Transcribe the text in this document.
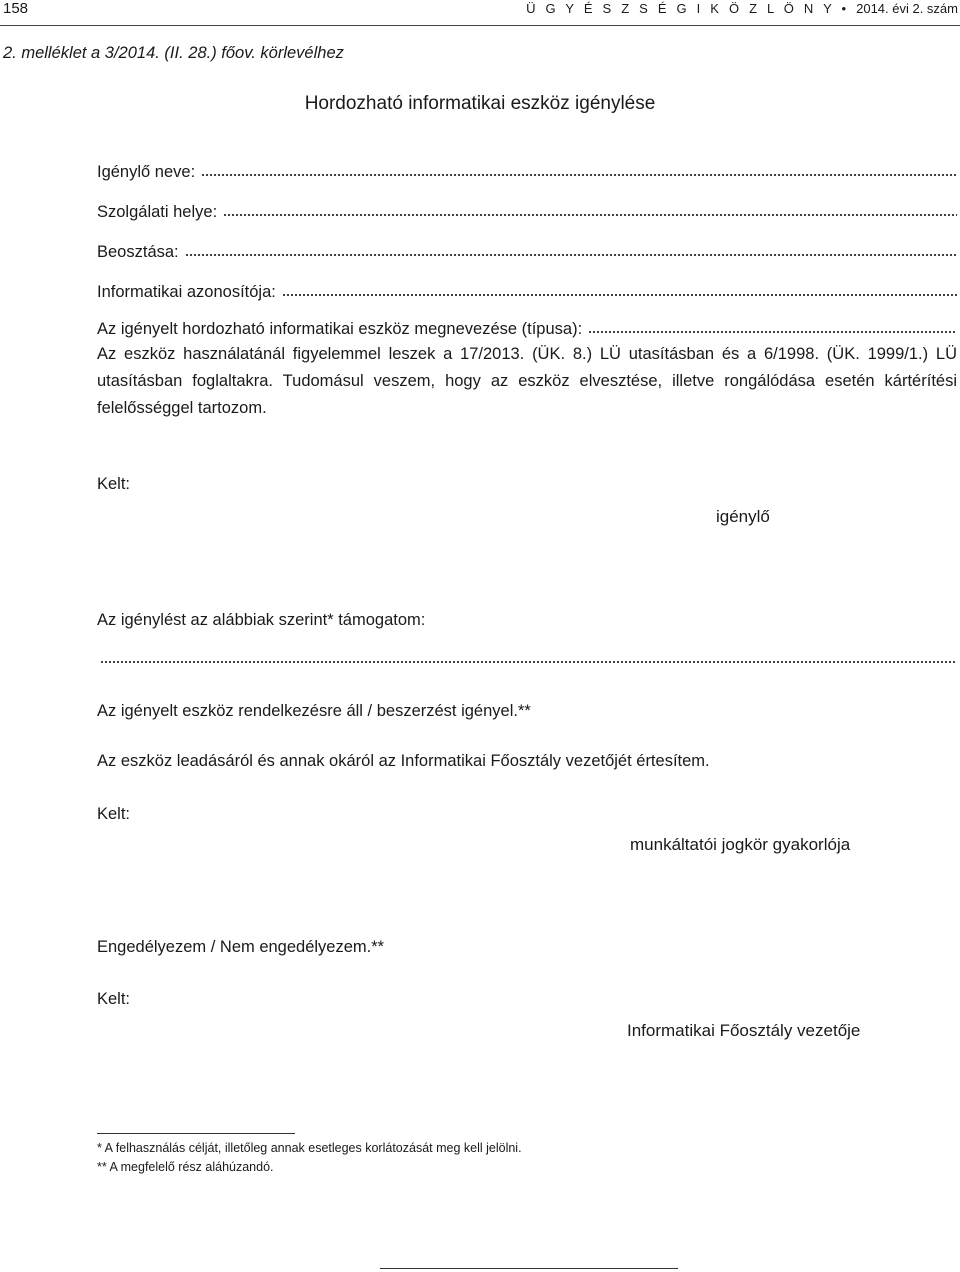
158	Ü G Y É S Z S É G I K Ö Z L Ö N Y • 2014. évi 2. szám
2. melléklet a 3/2014. (II. 28.) főov. körlevélhez
Hordozható informatikai eszköz igénylése
Igénylő neve:
Szolgálati helye:
Beosztása:
Informatikai azonosítója:
Az igényelt hordozható informatikai eszköz megnevezése (típusa):
Az eszköz használatánál figyelemmel leszek a 17/2013. (ÜK. 8.) LÜ utasításban és a 6/1998. (ÜK. 1999/1.) LÜ utasításban foglaltakra. Tudomásul veszem, hogy az eszköz elvesztése, illetve rongálódása esetén kártérítési felelősséggel tartozom.
Kelt:
igénylő
Az igénylést az alábbiak szerint* támogatom:
Az igényelt eszköz rendelkezésre áll / beszerzést igényel.**
Az eszköz leadásáról és annak okáról az Informatikai Főosztály vezetőjét értesítem.
Kelt:
munkáltatói jogkör gyakorlója
Engedélyezem / Nem engedélyezem.**
Kelt:
Informatikai Főosztály vezetője
* A felhasználás célját, illetőleg annak esetleges korlátozását meg kell jelölni.
** A megfelelő rész aláhúzandó.
